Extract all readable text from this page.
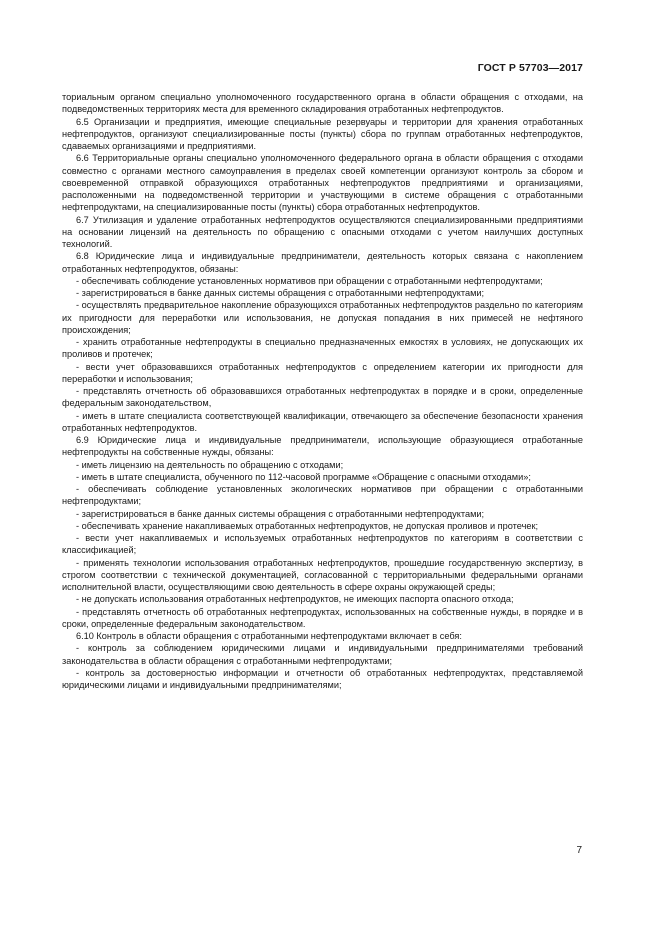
ГОСТ Р 57703—2017

ториальным органом специально уполномоченного государственного органа в области обращения с отходами, на подведомственных территориях места для временного складирования отработанных нефтепродуктов.

6.5 Организации и предприятия, имеющие специальные резервуары и территории для хранения отработанных нефтепродуктов, организуют специализированные посты (пункты) сбора по группам отработанных нефтепродуктов, сдаваемых организациями и предприятиями.

6.6 Территориальные органы специально уполномоченного федерального органа в области обращения с отходами совместно с органами местного самоуправления в пределах своей компетенции организуют контроль за сбором и своевременной отправкой образующихся отработанных нефтепродуктов предприятиями и организациями, расположенными на подведомственной территории и участвующими в системе обращения с отработанными нефтепродуктами, на специализированные посты (пункты) сбора отработанных нефтепродуктов.

6.7 Утилизация и удаление отработанных нефтепродуктов осуществляются специализированными предприятиями на основании лицензий на деятельность по обращению с опасными отходами с учетом наилучших доступных технологий.

6.8 Юридические лица и индивидуальные предприниматели, деятельность которых связана с накоплением отработанных нефтепродуктов, обязаны:

- обеспечивать соблюдение установленных нормативов при обращении с отработанными нефтепродуктами;

- зарегистрироваться в банке данных системы обращения с отработанными нефтепродуктами;

- осуществлять предварительное накопление образующихся отработанных нефтепродуктов раздельно по категориям их пригодности для переработки или использования, не допуская попадания в них примесей не нефтяного происхождения;

- хранить отработанные нефтепродукты в специально предназначенных емкостях в условиях, не допускающих их проливов и протечек;

- вести учет образовавшихся отработанных нефтепродуктов с определением категории их пригодности для переработки и использования;

- представлять отчетность об образовавшихся отработанных нефтепродуктах в порядке и в сроки, определенные федеральным законодательством,

- иметь в штате специалиста соответствующей квалификации, отвечающего за обеспечение безопасности хранения отработанных нефтепродуктов.

6.9 Юридические лица и индивидуальные предприниматели, использующие образующиеся отработанные нефтепродукты на собственные нужды, обязаны:

- иметь лицензию на деятельность по обращению с отходами;

- иметь в штате специалиста, обученного по 112-часовой программе «Обращение с опасными отходами»;

- обеспечивать соблюдение установленных экологических нормативов при обращении с отработанными нефтепродуктами;

- зарегистрироваться в банке данных системы обращения с отработанными нефтепродуктами;

- обеспечивать хранение накапливаемых отработанных нефтепродуктов, не допуская проливов и протечек;

- вести учет накапливаемых и используемых отработанных нефтепродуктов по категориям в соответствии с классификацией;

- применять технологии использования отработанных нефтепродуктов, прошедшие государственную экспертизу, в строгом соответствии с технической документацией, согласованной с территориальными федеральными органами исполнительной власти, осуществляющими свою деятельность в сфере охраны окружающей среды;

- не допускать использования отработанных нефтепродуктов, не имеющих паспорта опасного отхода;

- представлять отчетность об отработанных нефтепродуктах, использованных на собственные нужды, в порядке и в сроки, определенные федеральным законодательством.

6.10 Контроль в области обращения с отработанными нефтепродуктами включает в себя:

- контроль за соблюдением юридическими лицами и индивидуальными предпринимателями требований законодательства в области обращения с отработанными нефтепродуктами;

- контроль за достоверностью информации и отчетности об отработанных нефтепродуктах, представляемой юридическими лицами и индивидуальными предпринимателями;

7
